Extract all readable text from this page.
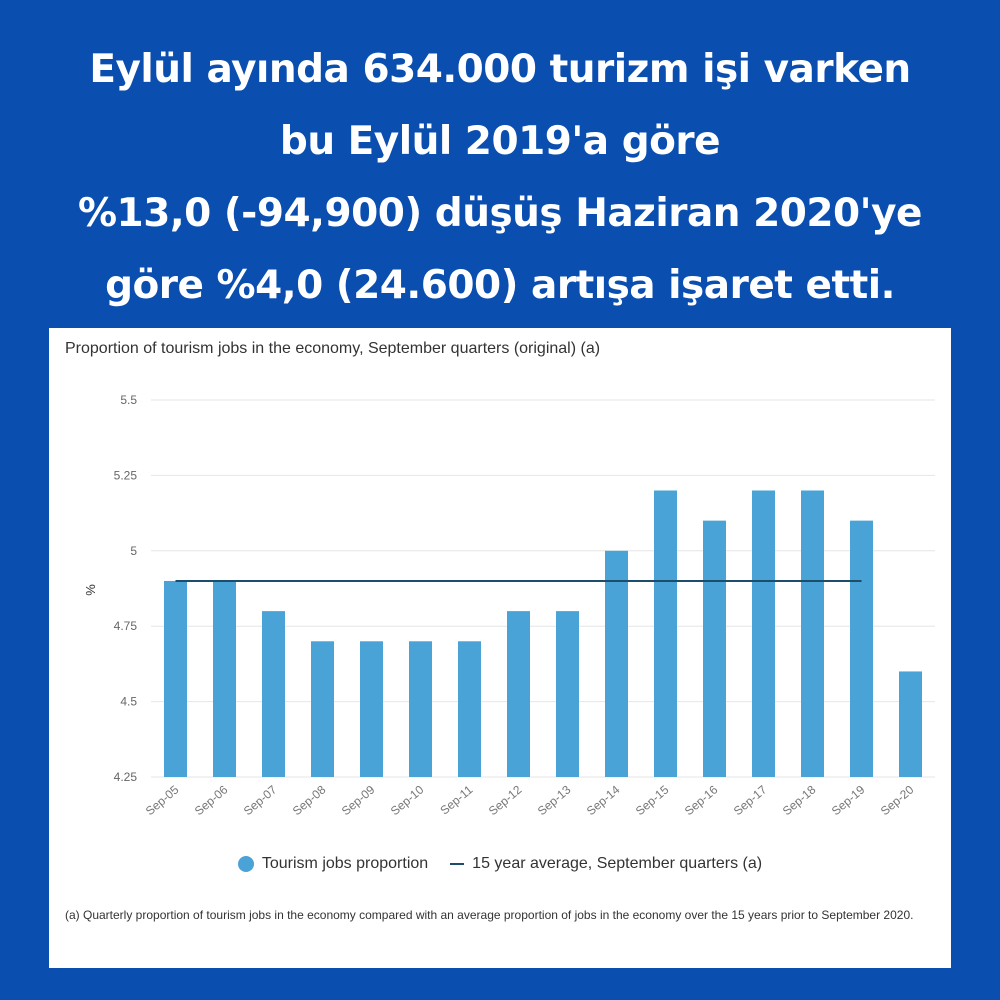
Eylül ayında 634.000 turizm işi varken
bu Eylül 2019'a göre
%13,0 (-94,900) düşüş Haziran 2020'ye
göre %4,0 (24.600) artışa işaret etti.
Proportion of tourism jobs in the economy, September quarters (original) (a)
5.5
5.25
5
4.75
4.5
4.25
%
Sep-05 Sep-06 Sep-07 Sep-08 Sep-09 Sep-10 Sep-11 Sep-12 Sep-13 Sep-14 Sep-15 Sep-16 Sep-17 Sep-18 Sep-19 Sep-20
Tourism jobs proportion	15 year average, September quarters (a)
(a) Quarterly proportion of tourism jobs in the economy compared with an average proportion of jobs in the economy over the 15 years prior to September 2020.
